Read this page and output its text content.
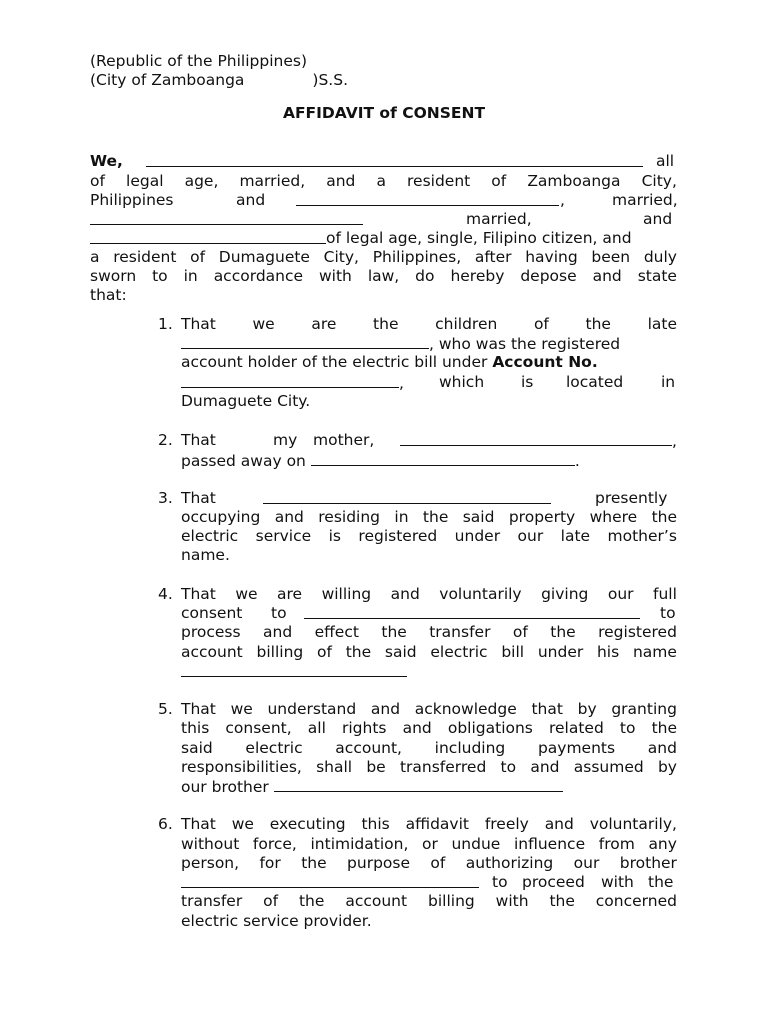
(Republic of the Philippines)
(City of Zamboanga	)S.S.
AFFIDAVIT of CONSENT
We,	all
of legal age, married, and a resident of Zamboanga City,
Philippines	and	,	married,
married,	and
of legal age, single, Filipino citizen, and
a resident of Dumaguete City, Philippines, after having been duly
sworn to in accordance with law, do hereby depose and state
that:
1. That we are the children of the late
, who was the registered
account holder of the electric bill under Account No.
, which is located in
Dumaguete City.
2. That	my mother,	,
passed away on	.
3. That	presently
occupying and residing in the said property where the
electric service is registered under our late mother’s
name.
4. That we are willing and voluntarily giving our full
consent to	to
process and effect the transfer of the registered
account billing of the said electric bill under his name
5. That we understand and acknowledge that by granting
this consent, all rights and obligations related to the
said electric account, including payments and
responsibilities, shall be transferred to and assumed by
our brother
6. That we executing this affidavit freely and voluntarily,
without force, intimidation, or undue influence from any
person, for the purpose of authorizing our brother
to proceed with the
transfer of the account billing with the concerned
electric service provider.
